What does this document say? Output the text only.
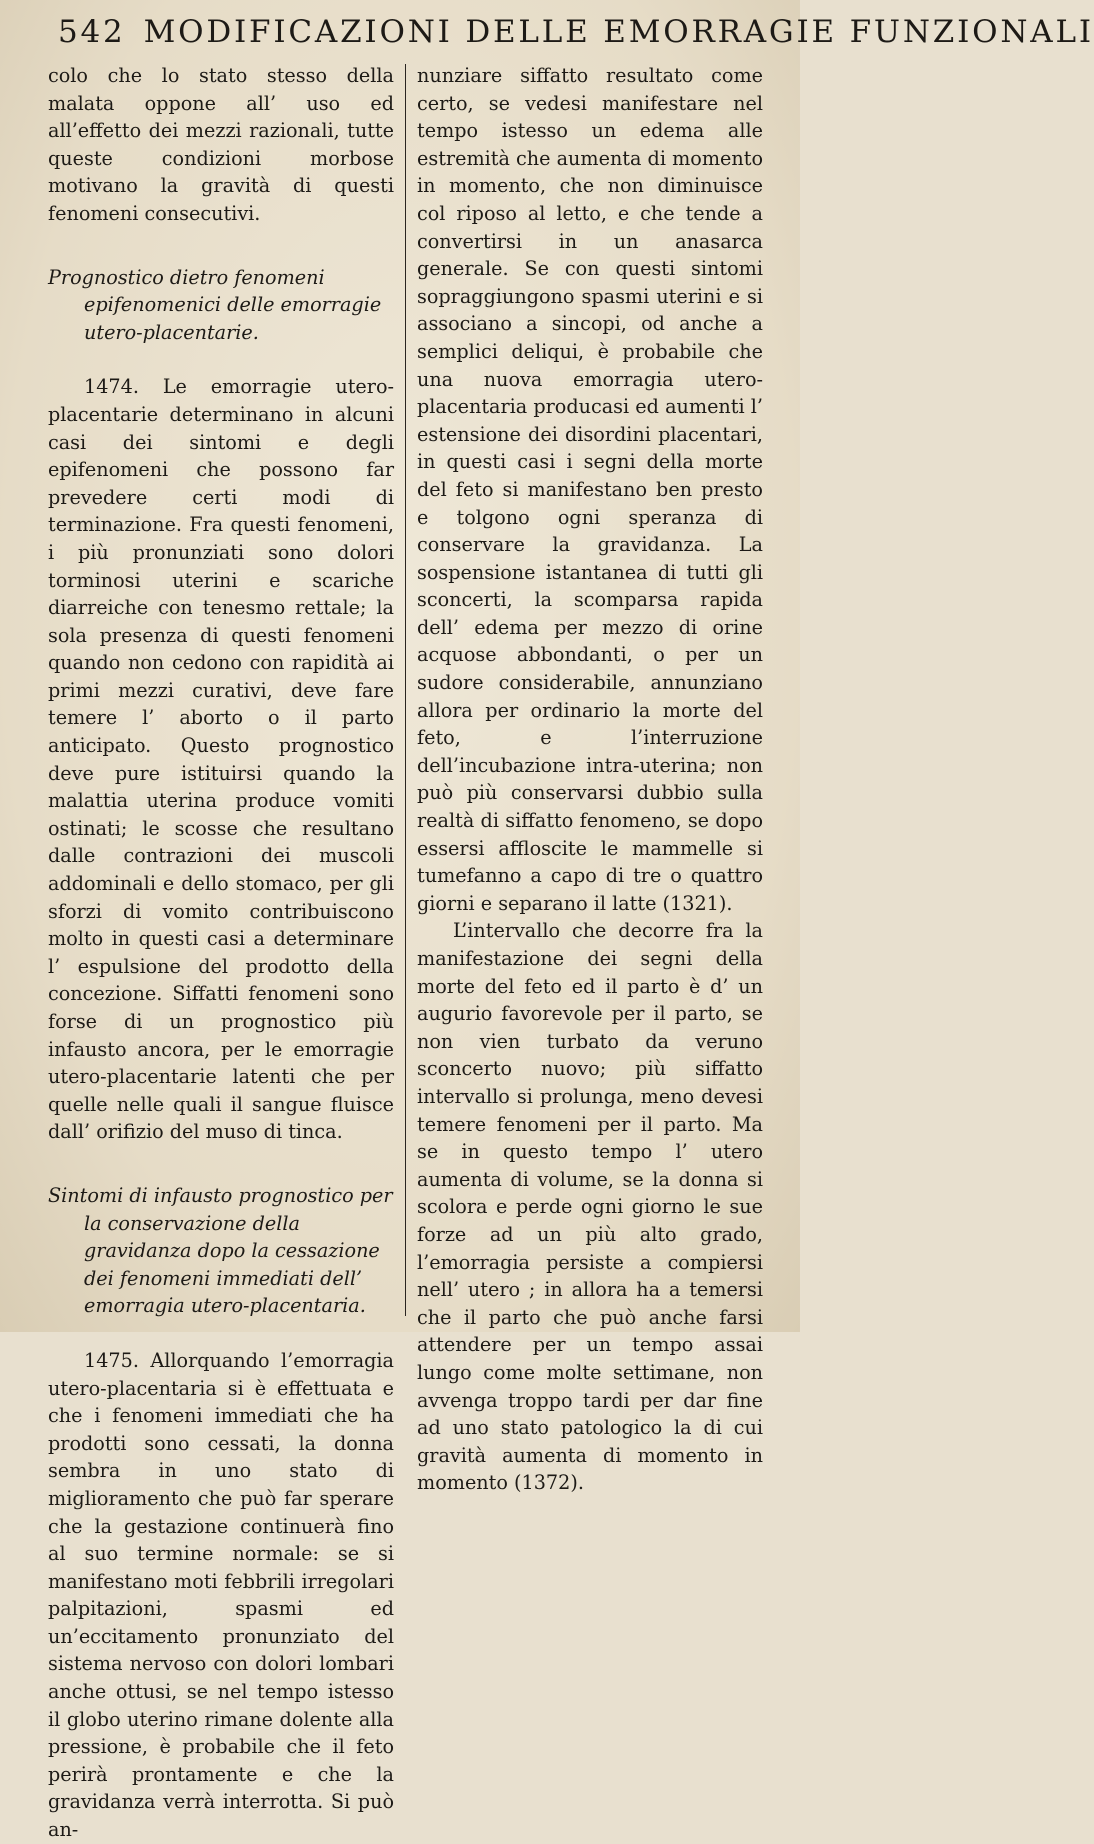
542 MODIFICAZIONI DELLE EMORRAGIE FUNZIONALI

colo che lo stato stesso della malata oppone all’ uso ed all’effetto dei mezzi razionali, tutte queste condizioni morbose motivano la gravità di questi fenomeni consecutivi.

Prognostico dietro fenomeni epifenomenici delle emorragie utero-placentarie.

1474. Le emorragie utero-placentarie determinano in alcuni casi dei sintomi e degli epifenomeni che possono far prevedere certi modi di terminazione. Fra questi fenomeni, i più pronunziati sono dolori torminosi uterini e scariche diarreiche con tenesmo rettale; la sola presenza di questi fenomeni quando non cedono con rapidità ai primi mezzi curativi, deve fare temere l’ aborto o il parto anticipato. Questo prognostico deve pure istituirsi quando la malattia uterina produce vomiti ostinati; le scosse che resultano dalle contrazioni dei muscoli addominali e dello stomaco, per gli sforzi di vomito contribuiscono molto in questi casi a determinare l’ espulsione del prodotto della concezione. Siffatti fenomeni sono forse di un prognostico più infausto ancora, per le emorragie utero-placentarie latenti che per quelle nelle quali il sangue fluisce dall’ orifizio del muso di tinca.

Sintomi di infausto prognostico per la conservazione della gravidanza dopo la cessazione dei fenomeni immediati dell’ emorragia utero-placentaria.

1475. Allorquando l’emorragia utero-placentaria si è effettuata e che i fenomeni immediati che ha prodotti sono cessati, la donna sembra in uno stato di miglioramento che può far sperare che la gestazione continuerà fino al suo termine normale: se si manifestano moti febbrili irregolari palpitazioni, spasmi ed un’eccitamento pronunziato del sistema nervoso con dolori lombari anche ottusi, se nel tempo istesso il globo uterino rimane dolente alla pressione, è probabile che il feto perirà prontamente e che la gravidanza verrà interrotta. Si può an-

nunziare siffatto resultato come certo, se vedesi manifestare nel tempo istesso un edema alle estremità che aumenta di momento in momento, che non diminuisce col riposo al letto, e che tende a convertirsi in un anasarca generale. Se con questi sintomi sopraggiungono spasmi uterini e si associano a sincopi, od anche a semplici deliqui, è probabile che una nuova emorragia utero-placentaria producasi ed aumenti l’ estensione dei disordini placentari, in questi casi i segni della morte del feto si manifestano ben presto e tolgono ogni speranza di conservare la gravidanza. La sospensione istantanea di tutti gli sconcerti, la scomparsa rapida dell’ edema per mezzo di orine acquose abbondanti, o per un sudore considerabile, annunziano allora per ordinario la morte del feto, e l’interruzione dell’incubazione intra-uterina; non può più conservarsi dubbio sulla realtà di siffatto fenomeno, se dopo essersi affloscite le mammelle si tumefanno a capo di tre o quattro giorni e separano il latte (1321).

L’intervallo che decorre fra la manifestazione dei segni della morte del feto ed il parto è d’ un augurio favorevole per il parto, se non vien turbato da veruno sconcerto nuovo; più siffatto intervallo si prolunga, meno devesi temere fenomeni per il parto. Ma se in questo tempo l’ utero aumenta di volume, se la donna si scolora e perde ogni giorno le sue forze ad un più alto grado, l’emorragia persiste a compiersi nell’ utero ; in allora ha a temersi che il parto che può anche farsi attendere per un tempo assai lungo come molte settimane, non avvenga troppo tardi per dar fine ad uno stato patologico la di cui gravità aumenta di momento in momento (1372).
